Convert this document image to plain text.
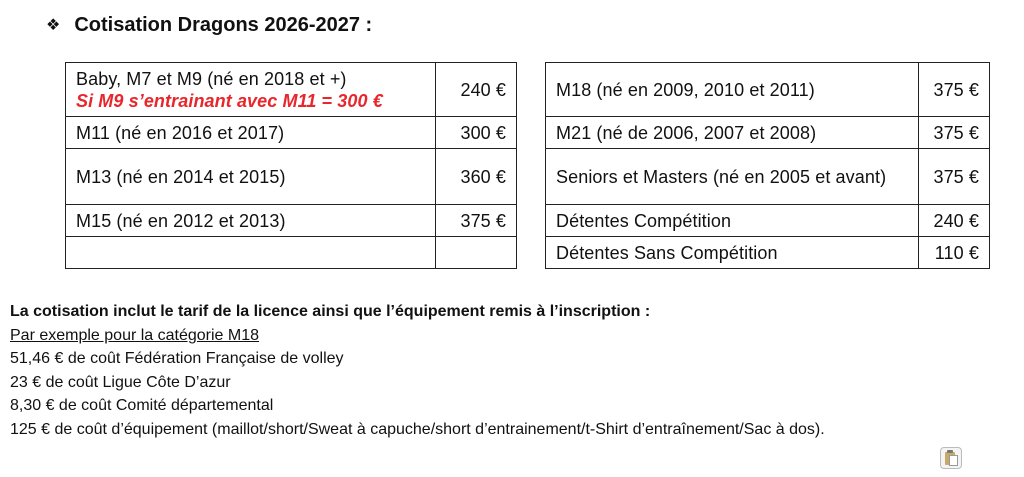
❖ Cotisation Dragons 2026-2027 :
Baby, M7 et M9 (né en 2018 et +)
Si M9 s’entrainant avec M11 = 300 €	240 €
M11 (né en 2016 et 2017)	300 €
M13 (né en 2014 et 2015)	360 €
M15 (né en 2012 et 2013)	375 €

M18 (né en 2009, 2010 et 2011)	375 €
M21 (né de 2006, 2007 et 2008)	375 €
Seniors et Masters (né en 2005 et avant)	375 €
Détentes Compétition	240 €
Détentes Sans Compétition	110 €
La cotisation inclut le tarif de la licence ainsi que l’équipement remis à l’inscription :
Par exemple pour la catégorie M18
51,46 € de coût Fédération Française de volley
23 € de coût Ligue Côte D’azur
8,30 € de coût Comité départemental
125 € de coût d’équipement (maillot/short/Sweat à capuche/short d’entrainement/t-Shirt d’entraînement/Sac à dos).
